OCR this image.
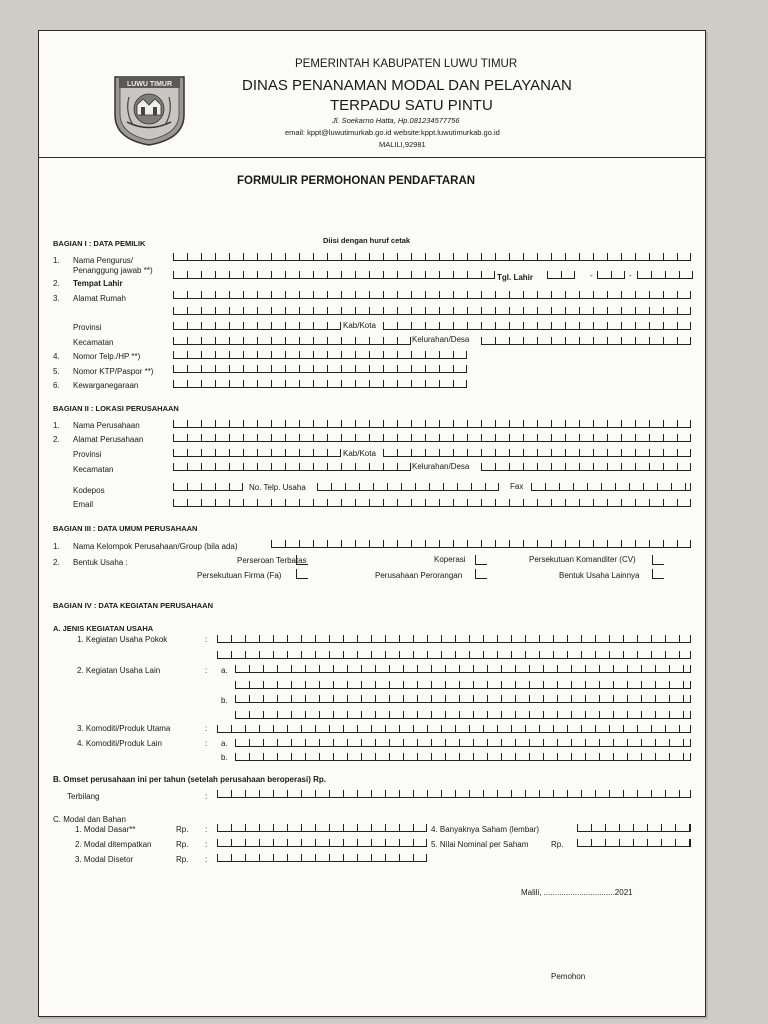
LUWU TIMUR
PEMERINTAH KABUPATEN LUWU TIMUR
DINAS PENANAMAN MODAL DAN PELAYANAN
TERPADU SATU PINTU
Jl. Soekarno Hatta, Hp.081234577756
email: kppt@luwutimurkab.go.id website:kppt.luwutimurkab.go.id
MALILI,92981
FORMULIR PERMOHONAN PENDAFTARAN
Diisi dengan huruf cetak
BAGIAN I : DATA PEMILIK
1. Nama Pengurus/
Penanggung jawab **)
2. Tempat Lahir
Tgl. Lahir	-	-
3. Alamat Rumah
Provinsi	Kab/Kota
Kecamatan	Kelurahan/Desa
4. Nomor Telp./HP **)
5. Nomor KTP/Paspor **)
6. Kewarganegaraan
BAGIAN II : LOKASI PERUSAHAAN
1. Nama Perusahaan
2. Alamat Perusahaan
Provinsi	Kab/Kota
Kecamatan	Kelurahan/Desa
Kodepos	No. Telp. Usaha	Fax
Email
BAGIAN III : DATA UMUM PERUSAHAAN
1. Nama Kelompok Perusahaan/Group (bila ada)
2. Bentuk Usaha :	Perseroan Terbatas	Koperasi	Persekutuan Komanditer (CV)
Persekutuan Firma (Fa)	Perusahaan Perorangan	Bentuk Usaha Lainnya
BAGIAN IV : DATA KEGIATAN PERUSAHAAN
A. JENIS KEGIATAN USAHA
1. Kegiatan Usaha Pokok	:
2. Kegiatan Usaha Lain	: a.
b.
3. Komoditi/Produk Utama	:
4. Komoditi/Produk Lain	: a.
b.
B. Omset perusahaan ini per tahun (setelah perusahaan beroperasi) Rp.
Terbilang	:
C. Modal dan Bahan
1. Modal Dasar**	Rp. :	4. Banyaknya Saham (lembar)
2. Modal ditempatkan	Rp. :	5. Nilai Nominal per Saham	Rp.
3. Modal Disetor	Rp. :
Malili, ................................2021
Pemohon
